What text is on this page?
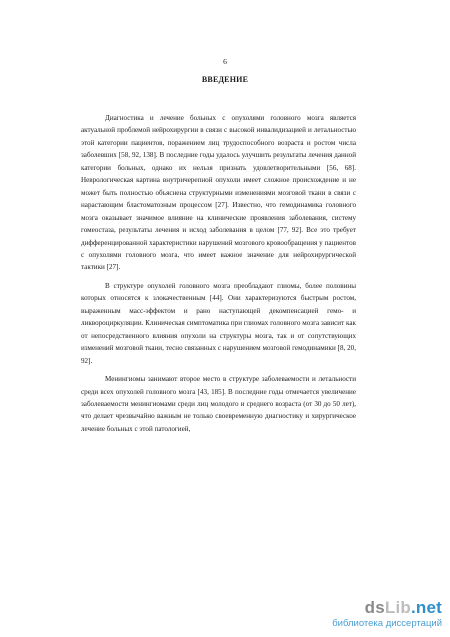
6
ВВЕДЕНИЕ

Диагностика и лечение больных с опухолями головного мозга является актуальной проблемой нейрохирургии в связи с высокой инвалидизацией и летальностью этой категории пациентов, поражением лиц трудоспособного возраста и ростом числа заболевших [58, 92, 138]. В последние годы удалось улучшить результаты лечения данной категории больных, однако их нельзя признать удовлетворительными [56, 68]. Неврологическая картина внутричерепной опухоли имеет сложное происхождение и не может быть полностью объяснена структурными изменениями мозговой ткани в связи с нарастающим бластоматозным процессом [27]. Известно, что гемодинамика головного мозга оказывает значимое влияние на клинические проявления заболевания, систему гомеостаза, результаты лечения и исход заболевания в целом [77, 92]. Все это требует дифференцированной характеристики нарушений мозгового кровообращения у пациентов с опухолями головного мозга, что имеет важное значение для нейрохирургической тактики [27].

В структуре опухолей головного мозга преобладают глиомы, более половины которых относятся к злокачественным [44]. Они характеризуются быстрым ростом, выраженным масс-эффектом и рано наступающей декомпенсацией гемо- и ликвороциркуляции. Клиническая симптоматика при глиомах головного мозга зависит как от непосредственного влияния опухоли на структуры мозга, так и от сопутствующих изменений мозговой ткани, тесно связанных с нарушением мозговой гемодинамики [8, 20, 92].

Менингиомы занимают второе место в структуре заболеваемости и летальности среди всех опухолей головного мозга [43, 185]. В последние годы отмечается увеличение заболеваемости менингиомами среди лиц молодого и среднего возраста (от 30 до 50 лет), что делает чрезвычайно важным не только своевременную диагностику и хирургическое лечение больных с этой патологией,

dsLib.net
библиотека диссертаций
